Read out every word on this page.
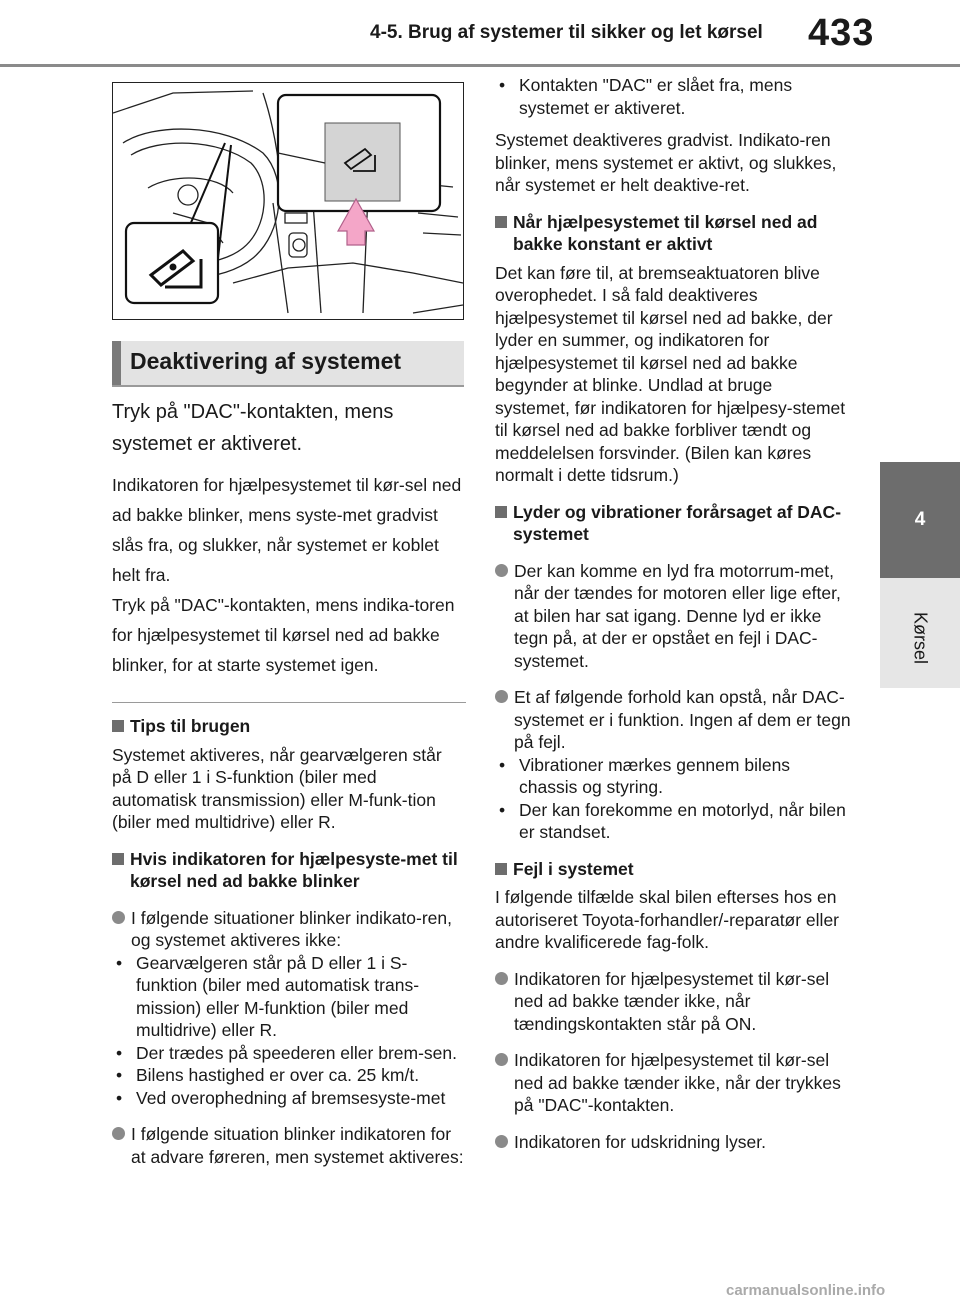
4-5. Brug af systemer til sikker og let kørsel 433
4
Kørsel
Deaktivering af systemet

Tryk på "DAC"-kontakten, mens systemet er aktiveret.

Indikatoren for hjælpesystemet til kør-sel ned ad bakke blinker, mens syste-met gradvist slås fra, og slukker, når systemet er koblet helt fra.

Tryk på "DAC"-kontakten, mens indika-toren for hjælpesystemet til kørsel ned ad bakke blinker, for at starte systemet igen.

Tips til brugen

Systemet aktiveres, når gearvælgeren står på D eller 1 i S-funktion (biler med automatisk transmission) eller M-funk-tion (biler med multidrive) eller R.

Hvis indikatoren for hjælpesyste-met til kørsel ned ad bakke blinker
I følgende situationer blinker indikato-ren, og systemet aktiveres ikke:
• Gearvælgeren står på D eller 1 i S-funktion (biler med automatisk trans-mission) eller M-funktion (biler med multidrive) eller R.
• Der trædes på speederen eller brem-sen.
• Bilens hastighed er over ca. 25 km/t.
• Ved overophedning af bremsesyste-met
I følgende situation blinker indikatoren for at advare føreren, men systemet aktiveres:
• Kontakten "DAC" er slået fra, mens systemet er aktiveret.

Systemet deaktiveres gradvist. Indikato-ren blinker, mens systemet er aktivt, og slukkes, når systemet er helt deaktive-ret.

Når hjælpesystemet til kørsel ned ad bakke konstant er aktivt

Det kan føre til, at bremseaktuatoren blive overophedet. I så fald deaktiveres hjælpesystemet til kørsel ned ad bakke, der lyder en summer, og indikatoren for hjælpesystemet til kørsel ned ad bakke begynder at blinke. Undlad at bruge systemet, før indikatoren for hjælpesy-stemet til kørsel ned ad bakke forbliver tændt og meddelelsen forsvinder. (Bilen kan køres normalt i dette tidsrum.)

Lyder og vibrationer forårsaget af DAC-systemet
Der kan komme en lyd fra motorrum-met, når der tændes for motoren eller lige efter, at bilen har sat igang. Denne lyd er ikke tegn på, at der er opstået en fejl i DAC-systemet.
Et af følgende forhold kan opstå, når DAC-systemet er i funktion. Ingen af dem er tegn på fejl.
• Vibrationer mærkes gennem bilens chassis og styring.
• Der kan forekomme en motorlyd, når bilen er standset.
Fejl i systemet

I følgende tilfælde skal bilen efterses hos en autoriseret Toyota-forhandler/-reparatør eller andre kvalificerede fag-folk.

Indikatoren for hjælpesystemet til kør-sel ned ad bakke tænder ikke, når tændingskontakten står på ON.
Indikatoren for hjælpesystemet til kør-sel ned ad bakke tænder ikke, når der trykkes på "DAC"-kontakten.
Indikatoren for udskridning lyser.
carmanualsonline.info
